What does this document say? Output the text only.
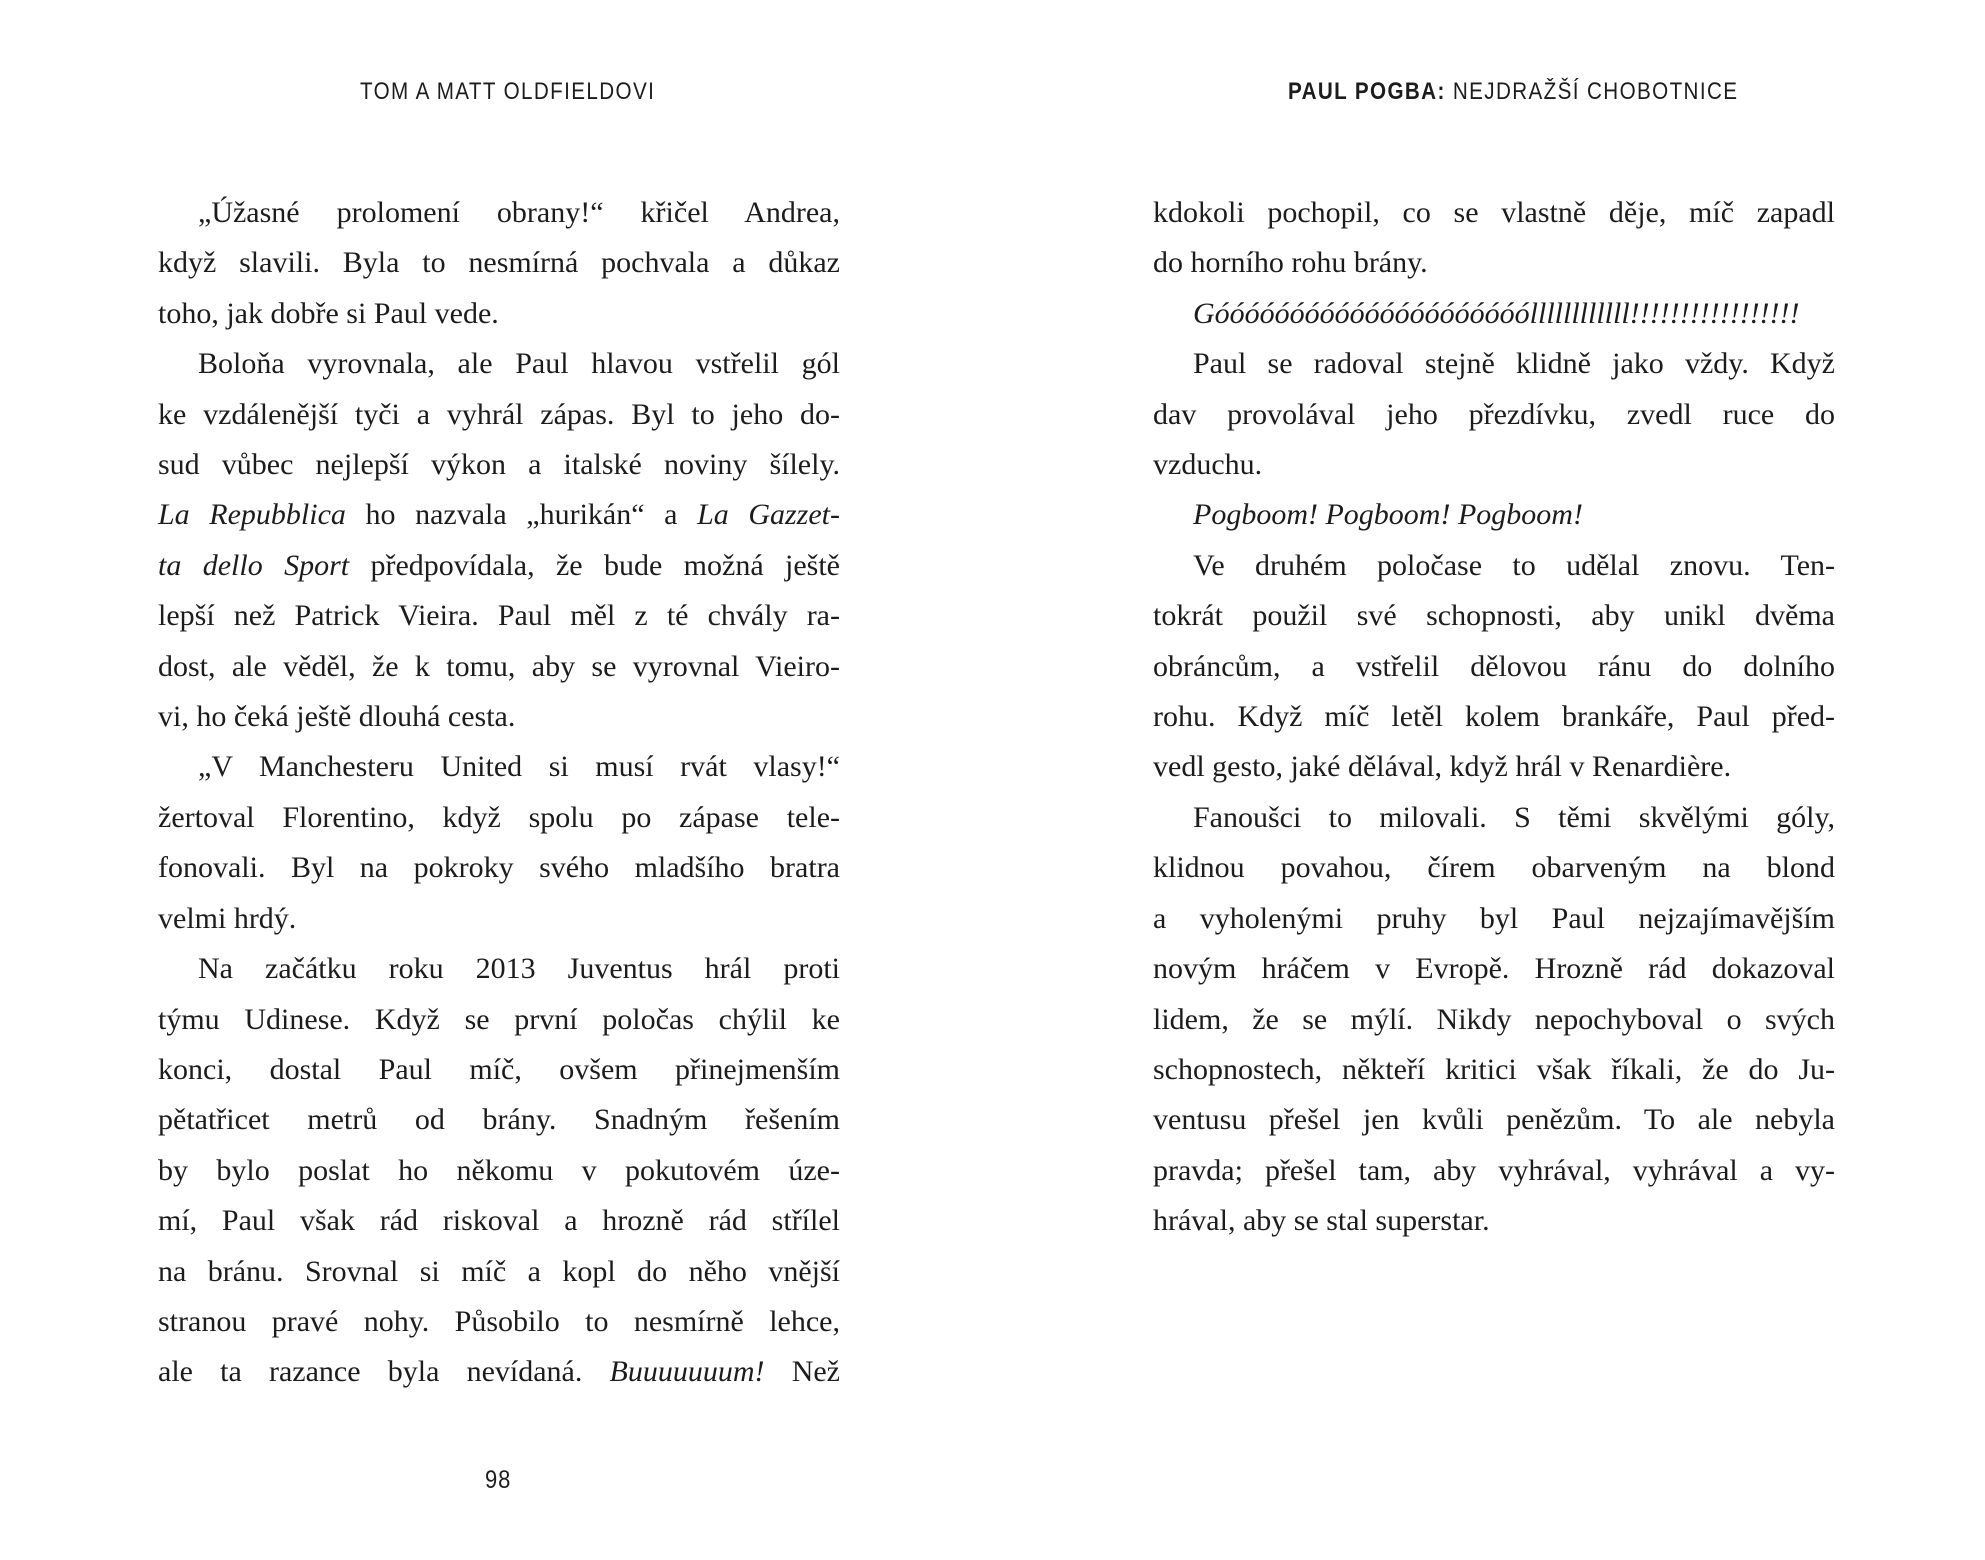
TOM A MATT OLDFIELDOVI
„Úžasné prolomení obrany!“ křičel Andrea,
když slavili. Byla to nesmírná pochvala a důkaz
toho, jak dobře si Paul vede.
Boloňa vyrovnala, ale Paul hlavou vstřelil gól
ke vzdálenější tyči a vyhrál zápas. Byl to jeho do-
sud vůbec nejlepší výkon a italské noviny šílely.
La Repubblica ho nazvala „hurikán“ a La Gazzet-
ta dello Sport předpovídala, že bude možná ještě
lepší než Patrick Vieira. Paul měl z té chvály ra-
dost, ale věděl, že k tomu, aby se vyrovnal Vieiro-
vi, ho čeká ještě dlouhá cesta.
„V Manchesteru United si musí rvát vlasy!“
žertoval Florentino, když spolu po zápase tele-
fonovali. Byl na pokroky svého mladšího bratra
velmi hrdý.
Na začátku roku 2013 Juventus hrál proti
týmu Udinese. Když se první poločas chýlil ke
konci, dostal Paul míč, ovšem přinejmenším
pětatřicet metrů od brány. Snadným řešením
by bylo poslat ho někomu v pokutovém úze-
mí, Paul však rád riskoval a hrozně rád střílel
na bránu. Srovnal si míč a kopl do něho vnější
stranou pravé nohy. Působilo to nesmírně lehce,
ale ta razance byla nevídaná. Buuuuuuum! Než
98
PAUL POGBA: NEJDRAŽŠÍ CHOBOTNICE
kdokoli pochopil, co se vlastně děje, míč zapadl
do horního rohu brány.
Góóóóóóóóóóóóóóóóóóóóóllllllllllll!!!!!!!!!!!!!!!!!
Paul se radoval stejně klidně jako vždy. Když
dav provolával jeho přezdívku, zvedl ruce do
vzduchu.
Pogboom! Pogboom! Pogboom!
Ve druhém poločase to udělal znovu. Ten-
tokrát použil své schopnosti, aby unikl dvěma
obráncům, a vstřelil dělovou ránu do dolního
rohu. Když míč letěl kolem brankáře, Paul před-
vedl gesto, jaké dělával, když hrál v Renardière.
Fanoušci to milovali. S těmi skvělými góly,
klidnou povahou, čírem obarveným na blond
a vyholenými pruhy byl Paul nejzajímavějším
novým hráčem v Evropě. Hrozně rád dokazoval
lidem, že se mýlí. Nikdy nepochyboval o svých
schopnostech, někteří kritici však říkali, že do Ju-
ventusu přešel jen kvůli penězům. To ale nebyla
pravda; přešel tam, aby vyhrával, vyhrával a vy-
hrával, aby se stal superstar.
